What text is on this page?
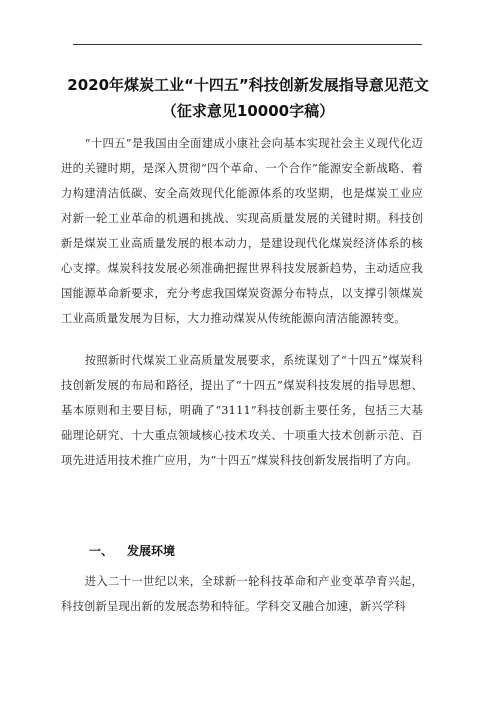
2020年煤炭工业“十四五”科技创新发展指导意见范文（征求意见10000字稿）

“十四五”是我国由全面建成小康社会向基本实现社会主义现代化迈进的关键时期，是深入贯彻“四个革命、一个合作”能源安全新战略、着力构建清洁低碳、安全高效现代化能源体系的攻坚期，也是煤炭工业应对新一轮工业革命的机遇和挑战、实现高质量发展的关键时期。科技创新是煤炭工业高质量发展的根本动力，是建设现代化煤炭经济体系的核心支撑。煤炭科技发展必须准确把握世界科技发展新趋势，主动适应我国能源革命新要求，充分考虑我国煤炭资源分布特点，以支撑引领煤炭工业高质量发展为目标，大力推动煤炭从传统能源向清洁能源转变。

按照新时代煤炭工业高质量发展要求，系统谋划了“十四五”煤炭科技创新发展的布局和路径，提出了“十四五”煤炭科技发展的指导思想、基本原则和主要目标，明确了“3111”科技创新主要任务，包括三大基础理论研究、十大重点领域核心技术攻关、十项重大技术创新示范、百项先进适用技术推广应用，为“十四五”煤炭科技创新发展指明了方向。

一、 发展环境

进入二十一世纪以来，全球新一轮科技革命和产业变革孕育兴起，科技创新呈现出新的发展态势和特征。学科交叉融合加速，新兴学科
